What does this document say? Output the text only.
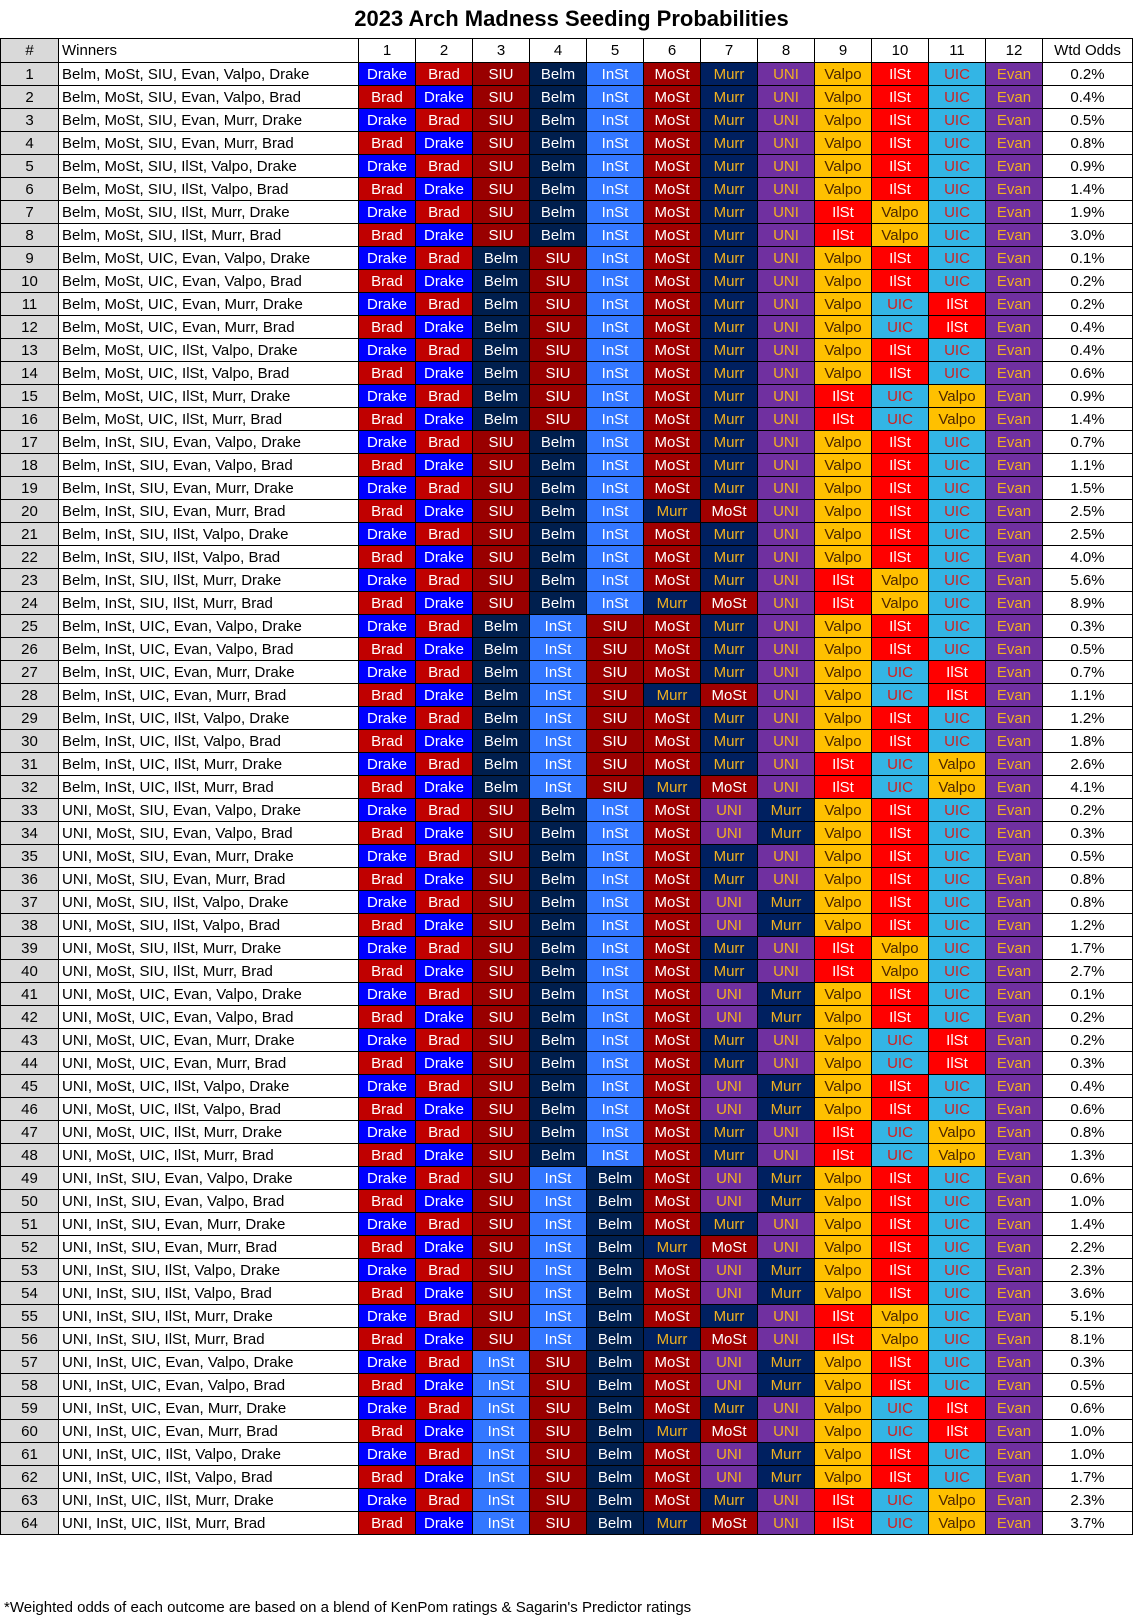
2023 Arch Madness Seeding Probabilities
#	Winners	1	2	3	4	5	6	7	8	9	10	11	12	Wtd Odds
1	Belm, MoSt, SIU, Evan, Valpo, Drake	Drake	Brad	SIU	Belm	InSt	MoSt	Murr	UNI	Valpo	IlSt	UIC	Evan	0.2%
2	Belm, MoSt, SIU, Evan, Valpo, Brad	Brad	Drake	SIU	Belm	InSt	MoSt	Murr	UNI	Valpo	IlSt	UIC	Evan	0.4%
3	Belm, MoSt, SIU, Evan, Murr, Drake	Drake	Brad	SIU	Belm	InSt	MoSt	Murr	UNI	Valpo	IlSt	UIC	Evan	0.5%
4	Belm, MoSt, SIU, Evan, Murr, Brad	Brad	Drake	SIU	Belm	InSt	MoSt	Murr	UNI	Valpo	IlSt	UIC	Evan	0.8%
5	Belm, MoSt, SIU, IlSt, Valpo, Drake	Drake	Brad	SIU	Belm	InSt	MoSt	Murr	UNI	Valpo	IlSt	UIC	Evan	0.9%
6	Belm, MoSt, SIU, IlSt, Valpo, Brad	Brad	Drake	SIU	Belm	InSt	MoSt	Murr	UNI	Valpo	IlSt	UIC	Evan	1.4%
7	Belm, MoSt, SIU, IlSt, Murr, Drake	Drake	Brad	SIU	Belm	InSt	MoSt	Murr	UNI	IlSt	Valpo	UIC	Evan	1.9%
8	Belm, MoSt, SIU, IlSt, Murr, Brad	Brad	Drake	SIU	Belm	InSt	MoSt	Murr	UNI	IlSt	Valpo	UIC	Evan	3.0%
9	Belm, MoSt, UIC, Evan, Valpo, Drake	Drake	Brad	Belm	SIU	InSt	MoSt	Murr	UNI	Valpo	IlSt	UIC	Evan	0.1%
10	Belm, MoSt, UIC, Evan, Valpo, Brad	Brad	Drake	Belm	SIU	InSt	MoSt	Murr	UNI	Valpo	IlSt	UIC	Evan	0.2%
11	Belm, MoSt, UIC, Evan, Murr, Drake	Drake	Brad	Belm	SIU	InSt	MoSt	Murr	UNI	Valpo	UIC	IlSt	Evan	0.2%
12	Belm, MoSt, UIC, Evan, Murr, Brad	Brad	Drake	Belm	SIU	InSt	MoSt	Murr	UNI	Valpo	UIC	IlSt	Evan	0.4%
13	Belm, MoSt, UIC, IlSt, Valpo, Drake	Drake	Brad	Belm	SIU	InSt	MoSt	Murr	UNI	Valpo	IlSt	UIC	Evan	0.4%
14	Belm, MoSt, UIC, IlSt, Valpo, Brad	Brad	Drake	Belm	SIU	InSt	MoSt	Murr	UNI	Valpo	IlSt	UIC	Evan	0.6%
15	Belm, MoSt, UIC, IlSt, Murr, Drake	Drake	Brad	Belm	SIU	InSt	MoSt	Murr	UNI	IlSt	UIC	Valpo	Evan	0.9%
16	Belm, MoSt, UIC, IlSt, Murr, Brad	Brad	Drake	Belm	SIU	InSt	MoSt	Murr	UNI	IlSt	UIC	Valpo	Evan	1.4%
17	Belm, InSt, SIU, Evan, Valpo, Drake	Drake	Brad	SIU	Belm	InSt	MoSt	Murr	UNI	Valpo	IlSt	UIC	Evan	0.7%
18	Belm, InSt, SIU, Evan, Valpo, Brad	Brad	Drake	SIU	Belm	InSt	MoSt	Murr	UNI	Valpo	IlSt	UIC	Evan	1.1%
19	Belm, InSt, SIU, Evan, Murr, Drake	Drake	Brad	SIU	Belm	InSt	MoSt	Murr	UNI	Valpo	IlSt	UIC	Evan	1.5%
20	Belm, InSt, SIU, Evan, Murr, Brad	Brad	Drake	SIU	Belm	InSt	Murr	MoSt	UNI	Valpo	IlSt	UIC	Evan	2.5%
21	Belm, InSt, SIU, IlSt, Valpo, Drake	Drake	Brad	SIU	Belm	InSt	MoSt	Murr	UNI	Valpo	IlSt	UIC	Evan	2.5%
22	Belm, InSt, SIU, IlSt, Valpo, Brad	Brad	Drake	SIU	Belm	InSt	MoSt	Murr	UNI	Valpo	IlSt	UIC	Evan	4.0%
23	Belm, InSt, SIU, IlSt, Murr, Drake	Drake	Brad	SIU	Belm	InSt	MoSt	Murr	UNI	IlSt	Valpo	UIC	Evan	5.6%
24	Belm, InSt, SIU, IlSt, Murr, Brad	Brad	Drake	SIU	Belm	InSt	Murr	MoSt	UNI	IlSt	Valpo	UIC	Evan	8.9%
25	Belm, InSt, UIC, Evan, Valpo, Drake	Drake	Brad	Belm	InSt	SIU	MoSt	Murr	UNI	Valpo	IlSt	UIC	Evan	0.3%
26	Belm, InSt, UIC, Evan, Valpo, Brad	Brad	Drake	Belm	InSt	SIU	MoSt	Murr	UNI	Valpo	IlSt	UIC	Evan	0.5%
27	Belm, InSt, UIC, Evan, Murr, Drake	Drake	Brad	Belm	InSt	SIU	MoSt	Murr	UNI	Valpo	UIC	IlSt	Evan	0.7%
28	Belm, InSt, UIC, Evan, Murr, Brad	Brad	Drake	Belm	InSt	SIU	Murr	MoSt	UNI	Valpo	UIC	IlSt	Evan	1.1%
29	Belm, InSt, UIC, IlSt, Valpo, Drake	Drake	Brad	Belm	InSt	SIU	MoSt	Murr	UNI	Valpo	IlSt	UIC	Evan	1.2%
30	Belm, InSt, UIC, IlSt, Valpo, Brad	Brad	Drake	Belm	InSt	SIU	MoSt	Murr	UNI	Valpo	IlSt	UIC	Evan	1.8%
31	Belm, InSt, UIC, IlSt, Murr, Drake	Drake	Brad	Belm	InSt	SIU	MoSt	Murr	UNI	IlSt	UIC	Valpo	Evan	2.6%
32	Belm, InSt, UIC, IlSt, Murr, Brad	Brad	Drake	Belm	InSt	SIU	Murr	MoSt	UNI	IlSt	UIC	Valpo	Evan	4.1%
33	UNI, MoSt, SIU, Evan, Valpo, Drake	Drake	Brad	SIU	Belm	InSt	MoSt	UNI	Murr	Valpo	IlSt	UIC	Evan	0.2%
34	UNI, MoSt, SIU, Evan, Valpo, Brad	Brad	Drake	SIU	Belm	InSt	MoSt	UNI	Murr	Valpo	IlSt	UIC	Evan	0.3%
35	UNI, MoSt, SIU, Evan, Murr, Drake	Drake	Brad	SIU	Belm	InSt	MoSt	Murr	UNI	Valpo	IlSt	UIC	Evan	0.5%
36	UNI, MoSt, SIU, Evan, Murr, Brad	Brad	Drake	SIU	Belm	InSt	MoSt	Murr	UNI	Valpo	IlSt	UIC	Evan	0.8%
37	UNI, MoSt, SIU, IlSt, Valpo, Drake	Drake	Brad	SIU	Belm	InSt	MoSt	UNI	Murr	Valpo	IlSt	UIC	Evan	0.8%
38	UNI, MoSt, SIU, IlSt, Valpo, Brad	Brad	Drake	SIU	Belm	InSt	MoSt	UNI	Murr	Valpo	IlSt	UIC	Evan	1.2%
39	UNI, MoSt, SIU, IlSt, Murr, Drake	Drake	Brad	SIU	Belm	InSt	MoSt	Murr	UNI	IlSt	Valpo	UIC	Evan	1.7%
40	UNI, MoSt, SIU, IlSt, Murr, Brad	Brad	Drake	SIU	Belm	InSt	MoSt	Murr	UNI	IlSt	Valpo	UIC	Evan	2.7%
41	UNI, MoSt, UIC, Evan, Valpo, Drake	Drake	Brad	SIU	Belm	InSt	MoSt	UNI	Murr	Valpo	IlSt	UIC	Evan	0.1%
42	UNI, MoSt, UIC, Evan, Valpo, Brad	Brad	Drake	SIU	Belm	InSt	MoSt	UNI	Murr	Valpo	IlSt	UIC	Evan	0.2%
43	UNI, MoSt, UIC, Evan, Murr, Drake	Drake	Brad	SIU	Belm	InSt	MoSt	Murr	UNI	Valpo	UIC	IlSt	Evan	0.2%
44	UNI, MoSt, UIC, Evan, Murr, Brad	Brad	Drake	SIU	Belm	InSt	MoSt	Murr	UNI	Valpo	UIC	IlSt	Evan	0.3%
45	UNI, MoSt, UIC, IlSt, Valpo, Drake	Drake	Brad	SIU	Belm	InSt	MoSt	UNI	Murr	Valpo	IlSt	UIC	Evan	0.4%
46	UNI, MoSt, UIC, IlSt, Valpo, Brad	Brad	Drake	SIU	Belm	InSt	MoSt	UNI	Murr	Valpo	IlSt	UIC	Evan	0.6%
47	UNI, MoSt, UIC, IlSt, Murr, Drake	Drake	Brad	SIU	Belm	InSt	MoSt	Murr	UNI	IlSt	UIC	Valpo	Evan	0.8%
48	UNI, MoSt, UIC, IlSt, Murr, Brad	Brad	Drake	SIU	Belm	InSt	MoSt	Murr	UNI	IlSt	UIC	Valpo	Evan	1.3%
49	UNI, InSt, SIU, Evan, Valpo, Drake	Drake	Brad	SIU	InSt	Belm	MoSt	UNI	Murr	Valpo	IlSt	UIC	Evan	0.6%
50	UNI, InSt, SIU, Evan, Valpo, Brad	Brad	Drake	SIU	InSt	Belm	MoSt	UNI	Murr	Valpo	IlSt	UIC	Evan	1.0%
51	UNI, InSt, SIU, Evan, Murr, Drake	Drake	Brad	SIU	InSt	Belm	MoSt	Murr	UNI	Valpo	IlSt	UIC	Evan	1.4%
52	UNI, InSt, SIU, Evan, Murr, Brad	Brad	Drake	SIU	InSt	Belm	Murr	MoSt	UNI	Valpo	IlSt	UIC	Evan	2.2%
53	UNI, InSt, SIU, IlSt, Valpo, Drake	Drake	Brad	SIU	InSt	Belm	MoSt	UNI	Murr	Valpo	IlSt	UIC	Evan	2.3%
54	UNI, InSt, SIU, IlSt, Valpo, Brad	Brad	Drake	SIU	InSt	Belm	MoSt	UNI	Murr	Valpo	IlSt	UIC	Evan	3.6%
55	UNI, InSt, SIU, IlSt, Murr, Drake	Drake	Brad	SIU	InSt	Belm	MoSt	Murr	UNI	IlSt	Valpo	UIC	Evan	5.1%
56	UNI, InSt, SIU, IlSt, Murr, Brad	Brad	Drake	SIU	InSt	Belm	Murr	MoSt	UNI	IlSt	Valpo	UIC	Evan	8.1%
57	UNI, InSt, UIC, Evan, Valpo, Drake	Drake	Brad	InSt	SIU	Belm	MoSt	UNI	Murr	Valpo	IlSt	UIC	Evan	0.3%
58	UNI, InSt, UIC, Evan, Valpo, Brad	Brad	Drake	InSt	SIU	Belm	MoSt	UNI	Murr	Valpo	IlSt	UIC	Evan	0.5%
59	UNI, InSt, UIC, Evan, Murr, Drake	Drake	Brad	InSt	SIU	Belm	MoSt	Murr	UNI	Valpo	UIC	IlSt	Evan	0.6%
60	UNI, InSt, UIC, Evan, Murr, Brad	Brad	Drake	InSt	SIU	Belm	Murr	MoSt	UNI	Valpo	UIC	IlSt	Evan	1.0%
61	UNI, InSt, UIC, IlSt, Valpo, Drake	Drake	Brad	InSt	SIU	Belm	MoSt	UNI	Murr	Valpo	IlSt	UIC	Evan	1.0%
62	UNI, InSt, UIC, IlSt, Valpo, Brad	Brad	Drake	InSt	SIU	Belm	MoSt	UNI	Murr	Valpo	IlSt	UIC	Evan	1.7%
63	UNI, InSt, UIC, IlSt, Murr, Drake	Drake	Brad	InSt	SIU	Belm	MoSt	Murr	UNI	IlSt	UIC	Valpo	Evan	2.3%
64	UNI, InSt, UIC, IlSt, Murr, Brad	Brad	Drake	InSt	SIU	Belm	Murr	MoSt	UNI	IlSt	UIC	Valpo	Evan	3.7%
*Weighted odds of each outcome are based on a blend of KenPom ratings & Sagarin's Predictor ratings
